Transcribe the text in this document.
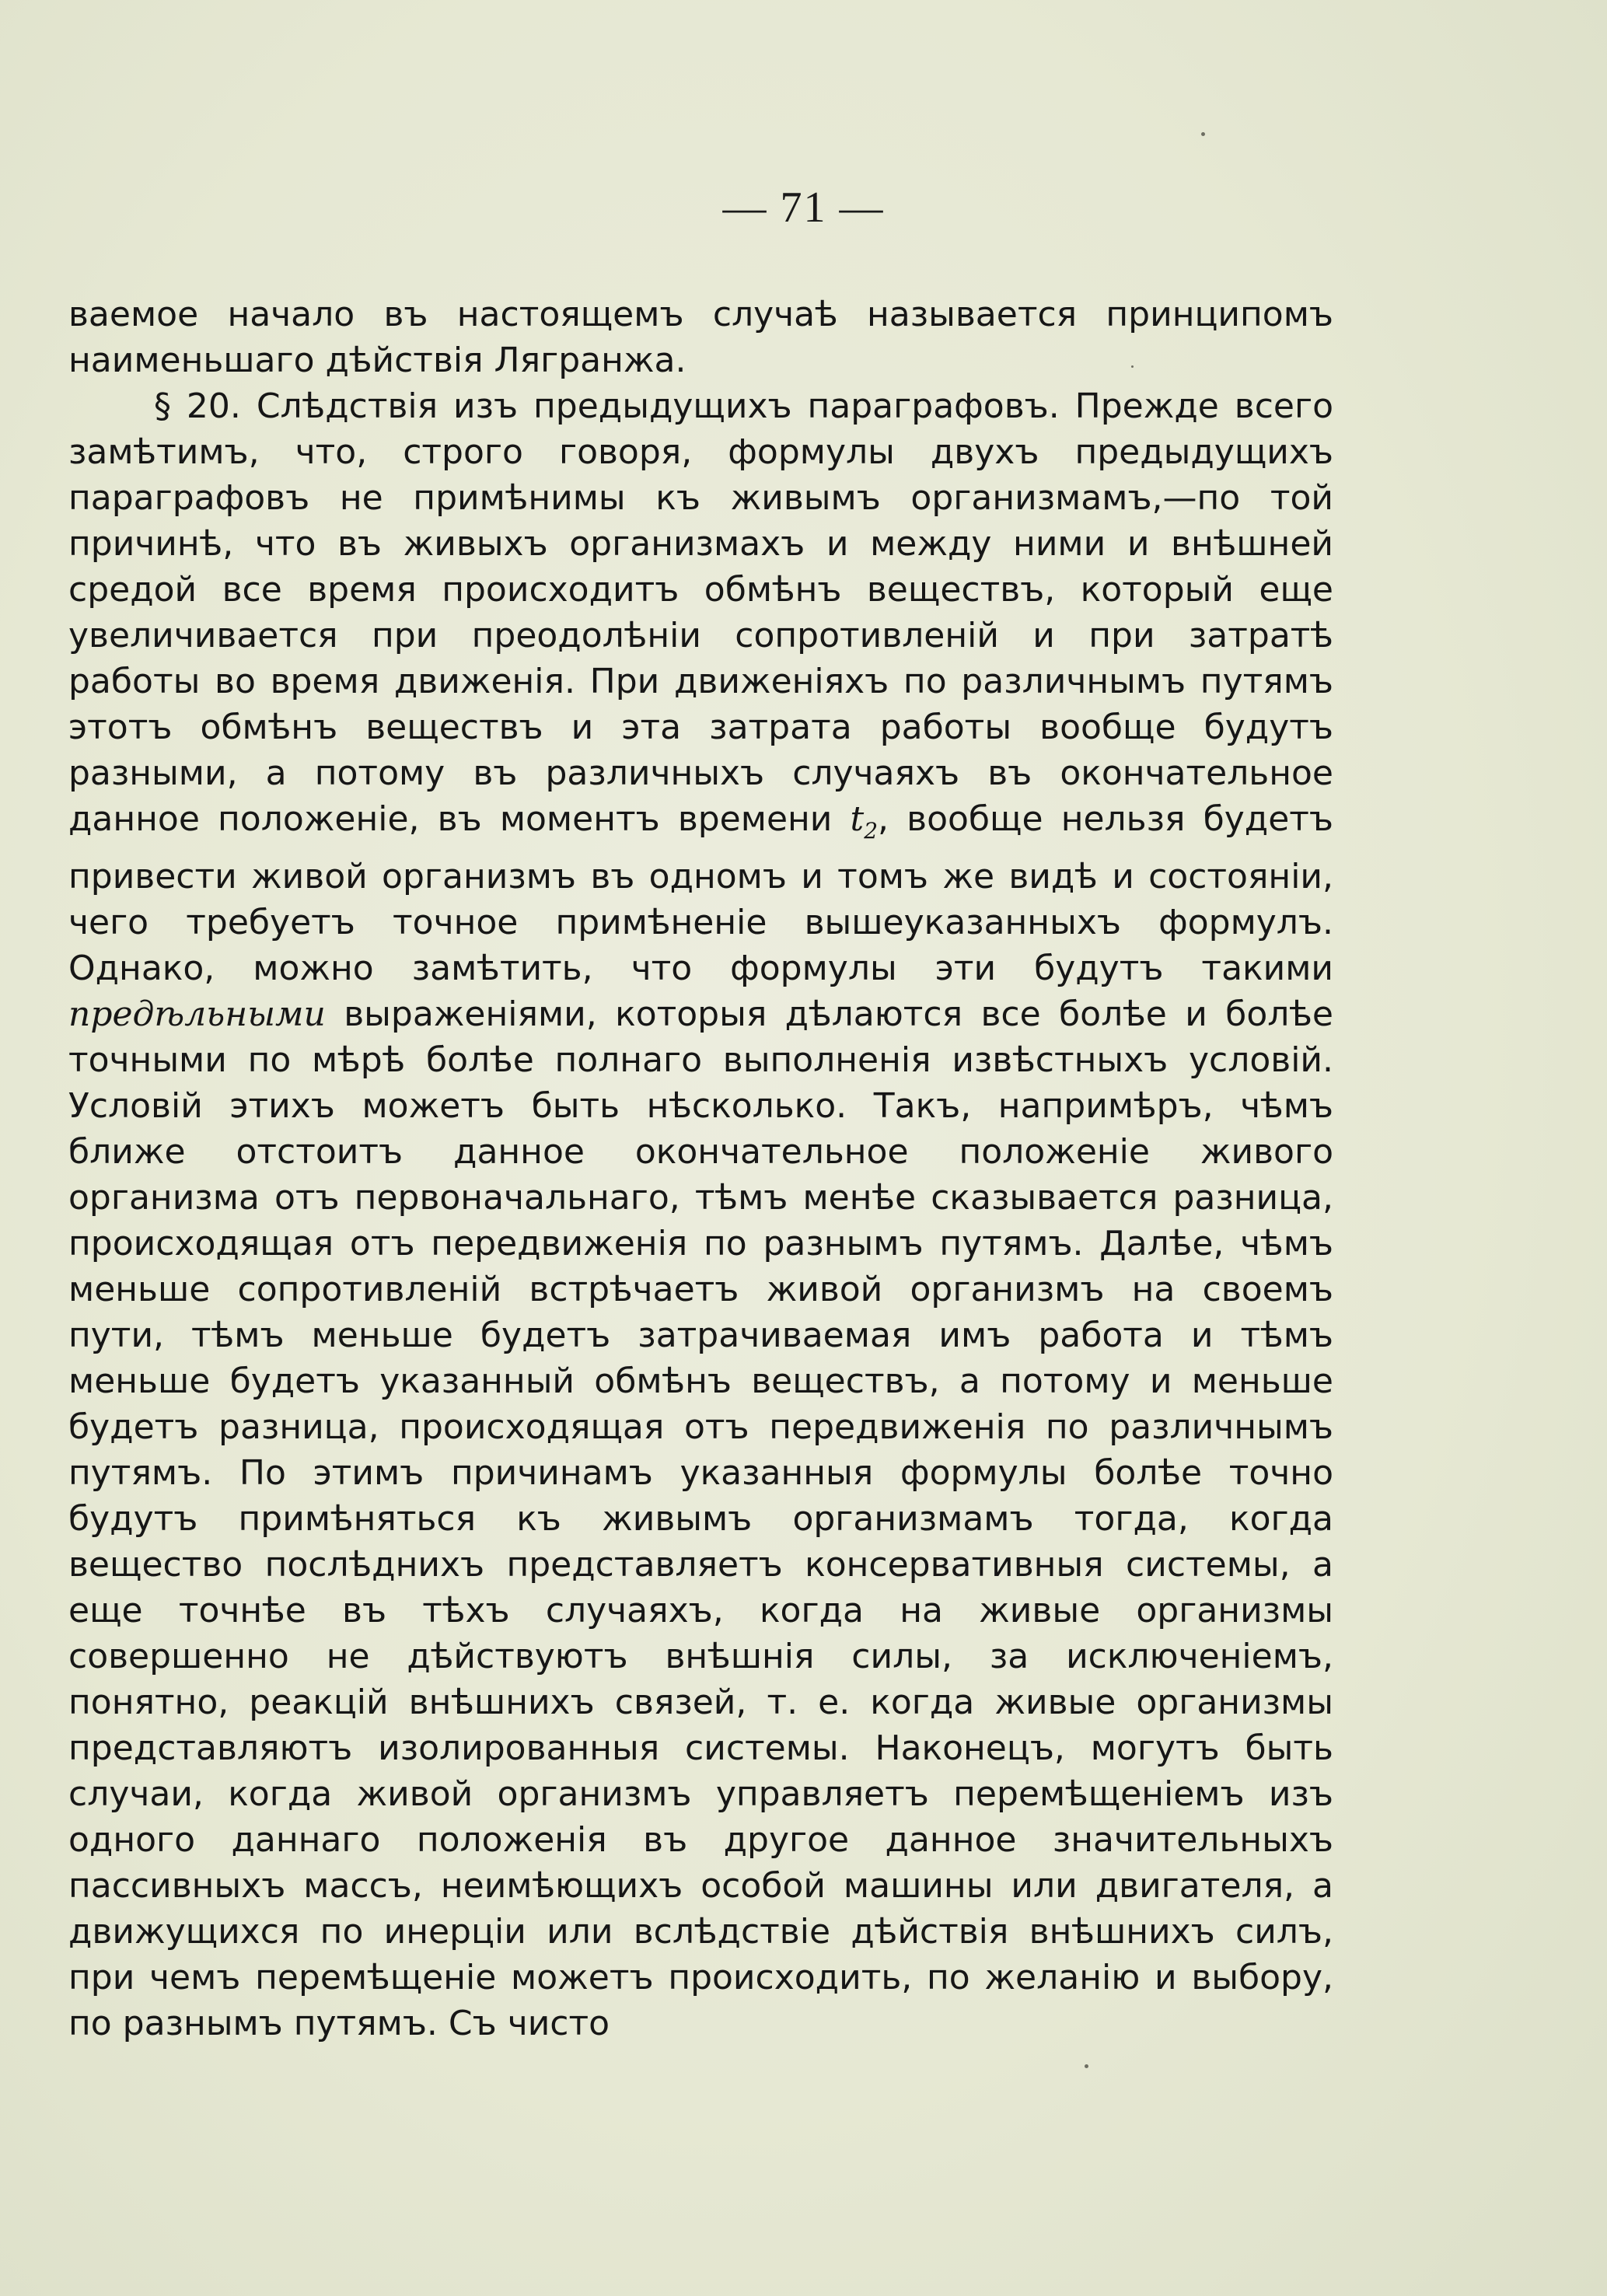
— 71 —

ваемое начало въ настоящемъ случаѣ называется принципомъ наименьшаго дѣйствія Лягранжа.

§ 20. Слѣдствія изъ предыдущихъ параграфовъ. Прежде всего замѣтимъ, что, строго говоря, формулы двухъ предыдущихъ параграфовъ не примѣнимы къ живымъ организмамъ,—по той причинѣ, что въ живыхъ организмахъ и между ними и внѣшней средой все время происходитъ обмѣнъ веществъ, который еще увеличивается при преодолѣніи сопротивленій и при затратѣ работы во время движенія. При движеніяхъ по различнымъ путямъ этотъ обмѣнъ веществъ и эта затрата работы вообще будутъ разными, а потому въ различныхъ случаяхъ въ окончательное данное положеніе, въ моментъ времени $t_2$, вообще нельзя будетъ привести живой организмъ въ одномъ и томъ же видѣ и состояніи, чего требуетъ точное примѣненіе вышеуказанныхъ формулъ. Однако, можно замѣтить, что формулы эти будутъ такими предѣльными выраженіями, которыя дѣлаются все болѣе и болѣе точными по мѣрѣ болѣе полнаго выполненія извѣстныхъ условій. Условій этихъ можетъ быть нѣсколько. Такъ, напримѣръ, чѣмъ ближе отстоитъ данное окончательное положеніе живого организма отъ первоначальнаго, тѣмъ менѣе сказывается разница, происходящая отъ передвиженія по разнымъ путямъ. Далѣе, чѣмъ меньше сопротивленій встрѣчаетъ живой организмъ на своемъ пути, тѣмъ меньше будетъ затрачиваемая имъ работа и тѣмъ меньше будетъ указанный обмѣнъ веществъ, а потому и меньше будетъ разница, происходящая отъ передвиженія по различнымъ путямъ. По этимъ причинамъ указанныя формулы болѣе точно будутъ примѣняться къ живымъ организмамъ тогда, когда вещество послѣднихъ представляетъ консервативныя системы, а еще точнѣе въ тѣхъ случаяхъ, когда на живые организмы совершенно не дѣйствуютъ внѣшнія силы, за исключеніемъ, понятно, реакцій внѣшнихъ связей, т. е. когда живые организмы представляютъ изолированныя системы. Наконецъ, могутъ быть случаи, когда живой организмъ управляетъ перемѣщеніемъ изъ одного даннаго положенія въ другое данное значительныхъ пассивныхъ массъ, неимѣющихъ особой машины или двигателя, а движущихся по инерціи или вслѣдствіе дѣйствія внѣшнихъ силъ, при чемъ перемѣщеніе можетъ происходить, по желанію и выбору, по разнымъ путямъ. Съ чисто
